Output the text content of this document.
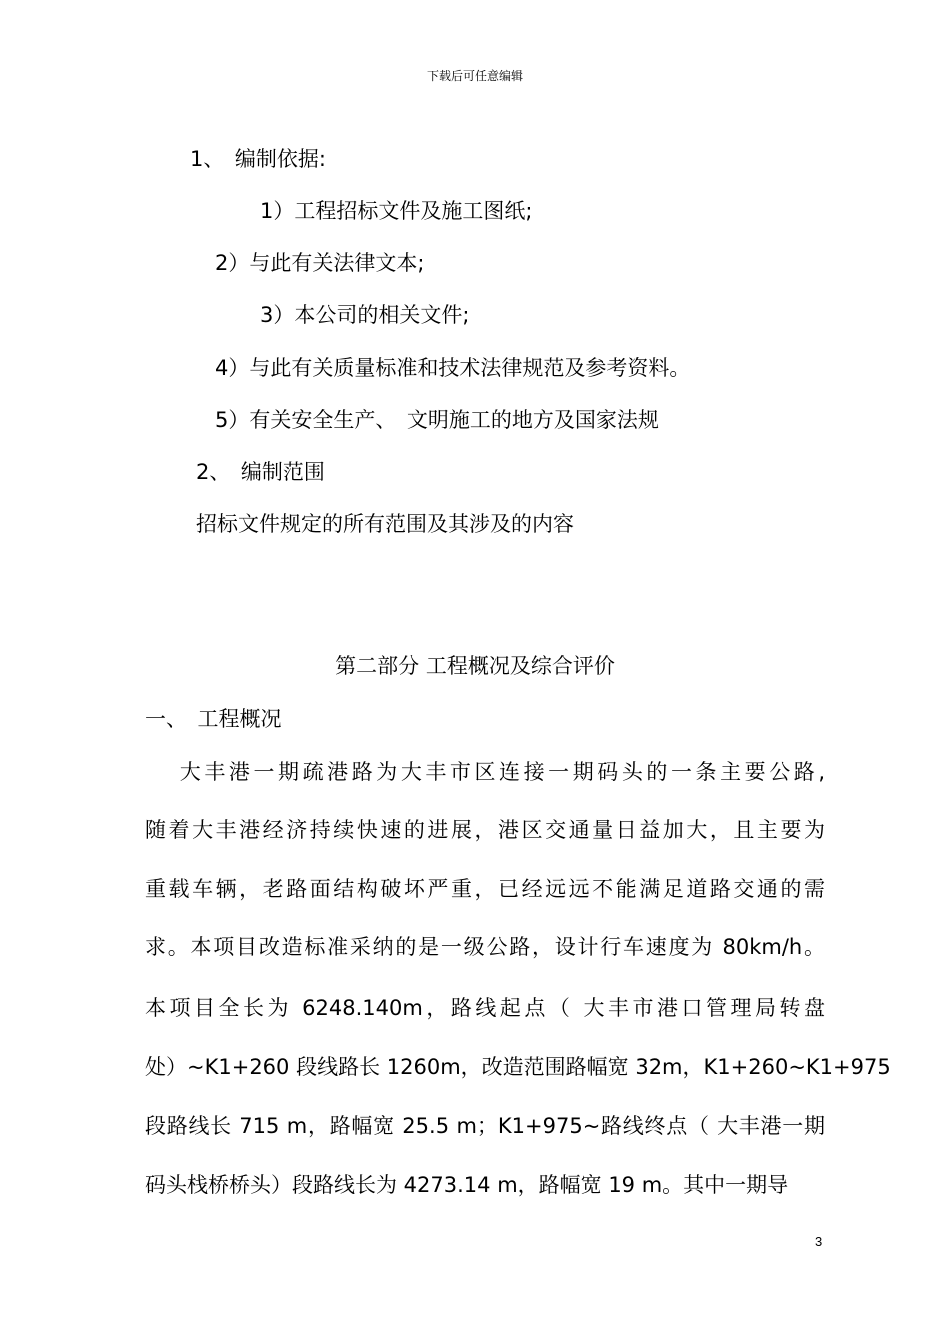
下载后可任意编辑
1、　编制依据:
1）工程招标文件及施工图纸;
2）与此有关法律文本;
3）本公司的相关文件;
4）与此有关质量标准和技术法律规范及参考资料。
5）有关安全生产、　文明施工的地方及国家法规
2、　编制范围
招标文件规定的所有范围及其涉及的内容
第二部分 工程概况及综合评价
一、　工程概况
　 大丰港一期疏港路为大丰市区连接一期码头的一条主要公路,
随着大丰港经济持续快速的进展，港区交通量日益加大，且主要为
重载车辆，老路面结构破坏严重，已经远远不能满足道路交通的需
求。本项目改造标准采纳的是一级公路，设计行车速度为 80km/h。
本项目全长为 6248.140m，路线起点（ 大丰市港口管理局转盘
处）~K1+260 段线路长 1260m，改造范围路幅宽 32m，K1+260~K1+975
段路线长 715 m，路幅宽 25.5 m；K1+975~路线终点（ 大丰港一期
码头栈桥桥头）段路线长为 4273.14 m，路幅宽 19 m。其中一期导
3
